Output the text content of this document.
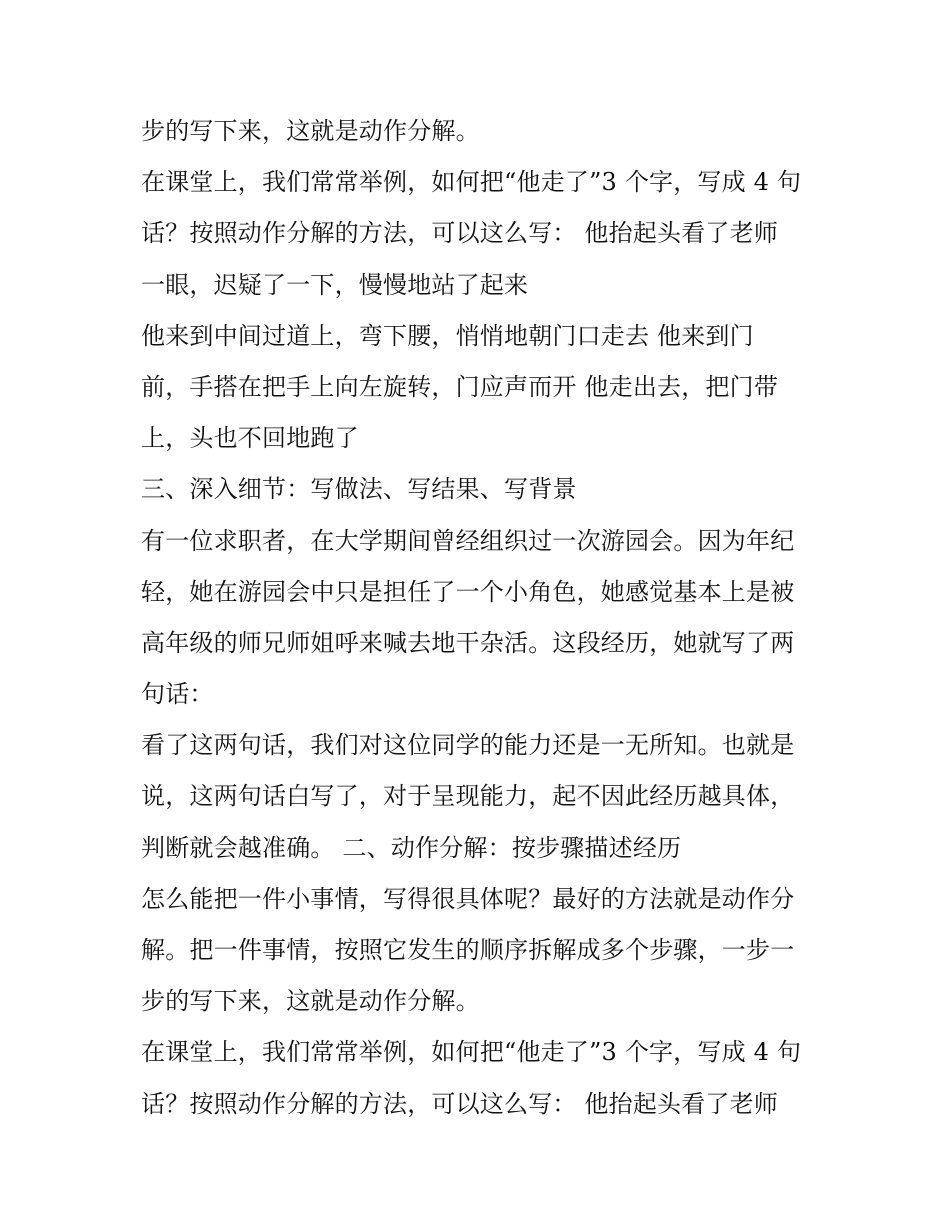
步的写下来，这就是动作分解。
在课堂上，我们常常举例，如何把“他走了”3 个字，写成 4 句
话？按照动作分解的方法，可以这么写： 他抬起头看了老师
一眼，迟疑了一下，慢慢地站了起来
他来到中间过道上，弯下腰，悄悄地朝门口走去 他来到门
前，手搭在把手上向左旋转，门应声而开 他走出去，把门带
上，头也不回地跑了
三、深入细节：写做法、写结果、写背景
有一位求职者，在大学期间曾经组织过一次游园会。因为年纪
轻，她在游园会中只是担任了一个小角色，她感觉基本上是被
高年级的师兄师姐呼来喊去地干杂活。这段经历，她就写了两
句话：
看了这两句话，我们对这位同学的能力还是一无所知。也就是
说，这两句话白写了，对于呈现能力，起不因此经历越具体，
判断就会越准确。 二、动作分解：按步骤描述经历
怎么能把一件小事情，写得很具体呢？最好的方法就是动作分
解。把一件事情，按照它发生的顺序拆解成多个步骤，一步一
步的写下来，这就是动作分解。
在课堂上，我们常常举例，如何把“他走了”3 个字，写成 4 句
话？按照动作分解的方法，可以这么写： 他抬起头看了老师
